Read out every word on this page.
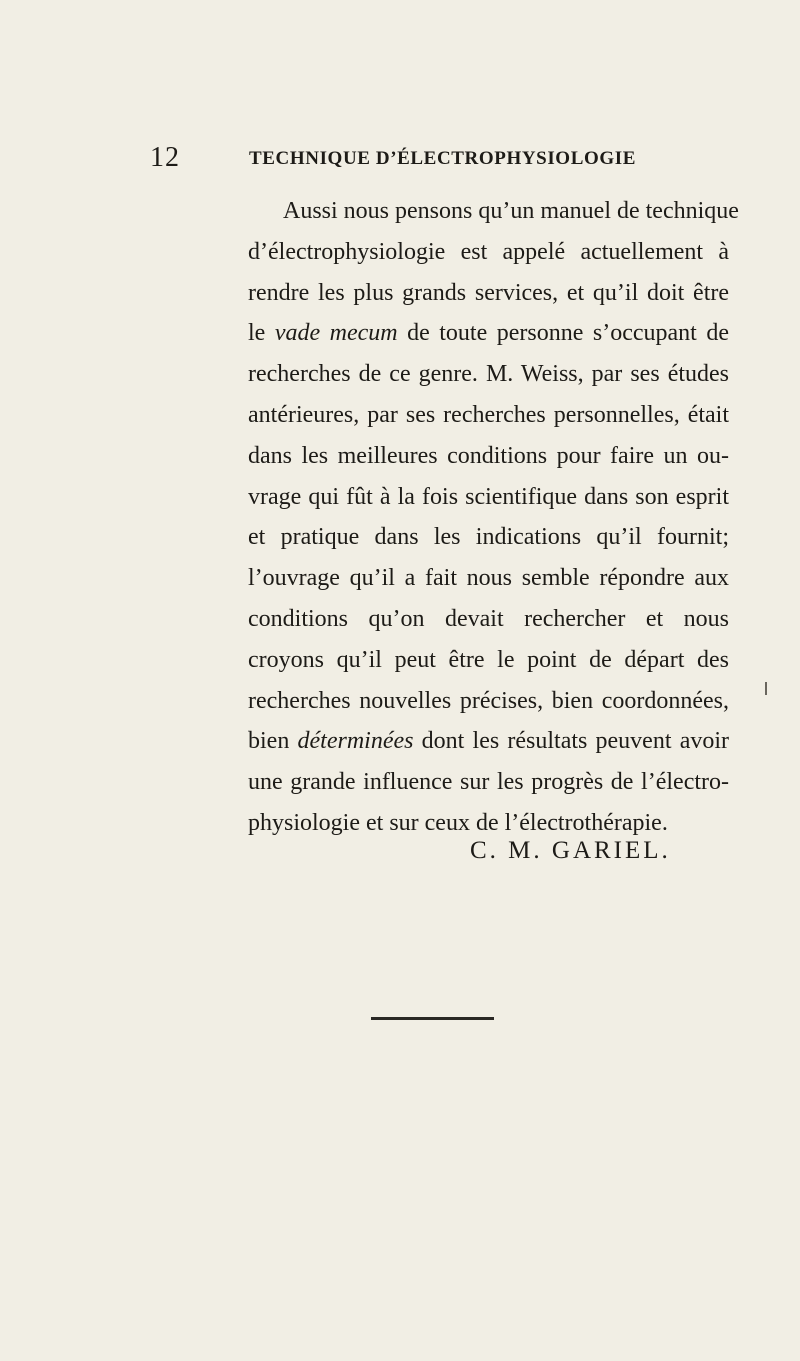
12	TECHNIQUE D’ÉLECTROPHYSIOLOGIE
Aussi nous pensons qu’un manuel de technique
d’électrophysiologie est appelé actuellement à
rendre les plus grands services, et qu’il doit être
le vade mecum de toute personne s’occupant de
recherches de ce genre. M. Weiss, par ses études
antérieures, par ses recherches personnelles, était
dans les meilleures conditions pour faire un ou-
vrage qui fût à la fois scientifique dans son esprit
et pratique dans les indications qu’il fournit;
l’ouvrage qu’il a fait nous semble répondre aux
conditions qu’on devait rechercher et nous
croyons qu’il peut être le point de départ des
recherches nouvelles précises, bien coordonnées,
bien déterminées dont les résultats peuvent avoir
une grande influence sur les progrès de l’électro-
physiologie et sur ceux de l’électrothérapie.
C. M. GARIEL.
